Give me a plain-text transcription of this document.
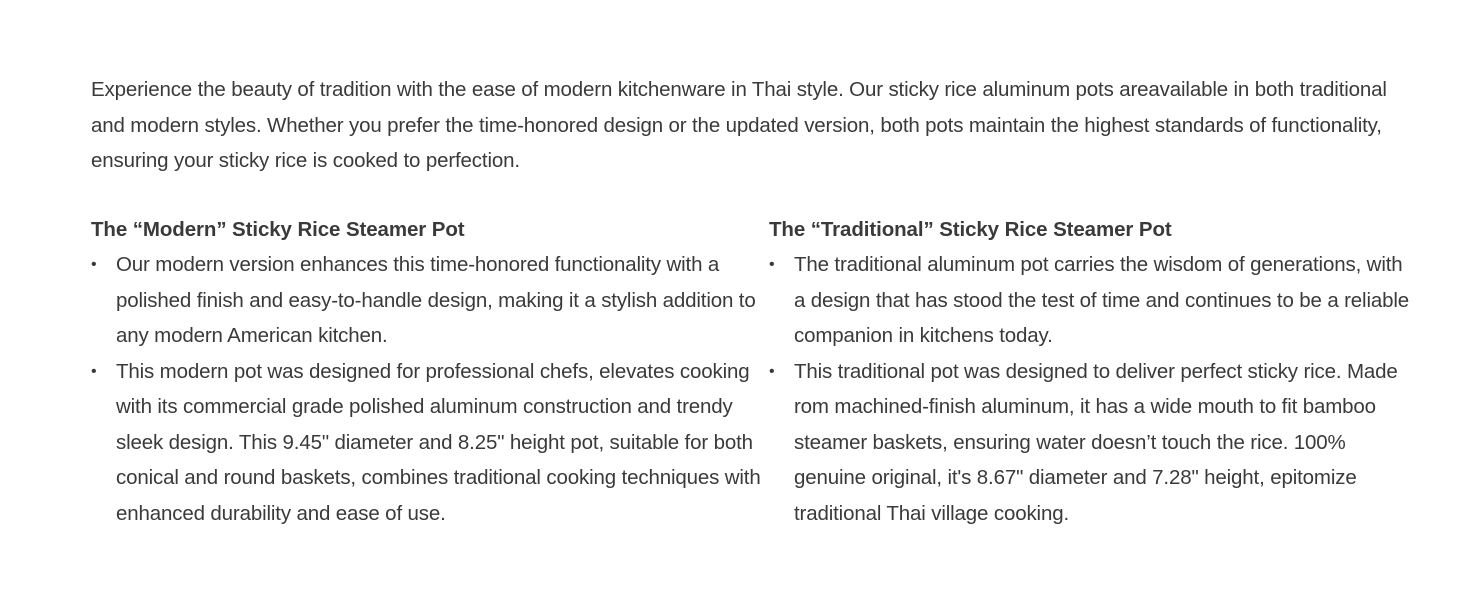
Experience the beauty of tradition with the ease of modern kitchenware in Thai style. Our sticky rice aluminum pots areavailable in both traditional and modern styles. Whether you prefer the time-honored design or the updated version, both pots maintain the highest standards of functionality, ensuring your sticky rice is cooked to perfection.

The “Modern” Sticky Rice Steamer Pot
• Our modern version enhances this time-honored functionality with a polished finish and easy-to-handle design, making it a stylish addition to any modern American kitchen.
• This modern pot was designed for professional chefs, elevates cooking with its commercial grade polished aluminum construction and trendy sleek design. This 9.45" diameter and 8.25" height pot, suitable for both conical and round baskets, combines traditional cooking techniques with enhanced durability and ease of use.
The “Traditional” Sticky Rice Steamer Pot
• The traditional aluminum pot carries the wisdom of generations, with a design that has stood the test of time and continues to be a reliable companion in kitchens today.
• This traditional pot was designed to deliver perfect sticky rice. Made rom machined-finish aluminum, it has a wide mouth to fit bamboo steamer baskets, ensuring water doesn’t touch the rice. 100% genuine original, it's 8.67" diameter and 7.28" height, epitomize traditional Thai village cooking.
